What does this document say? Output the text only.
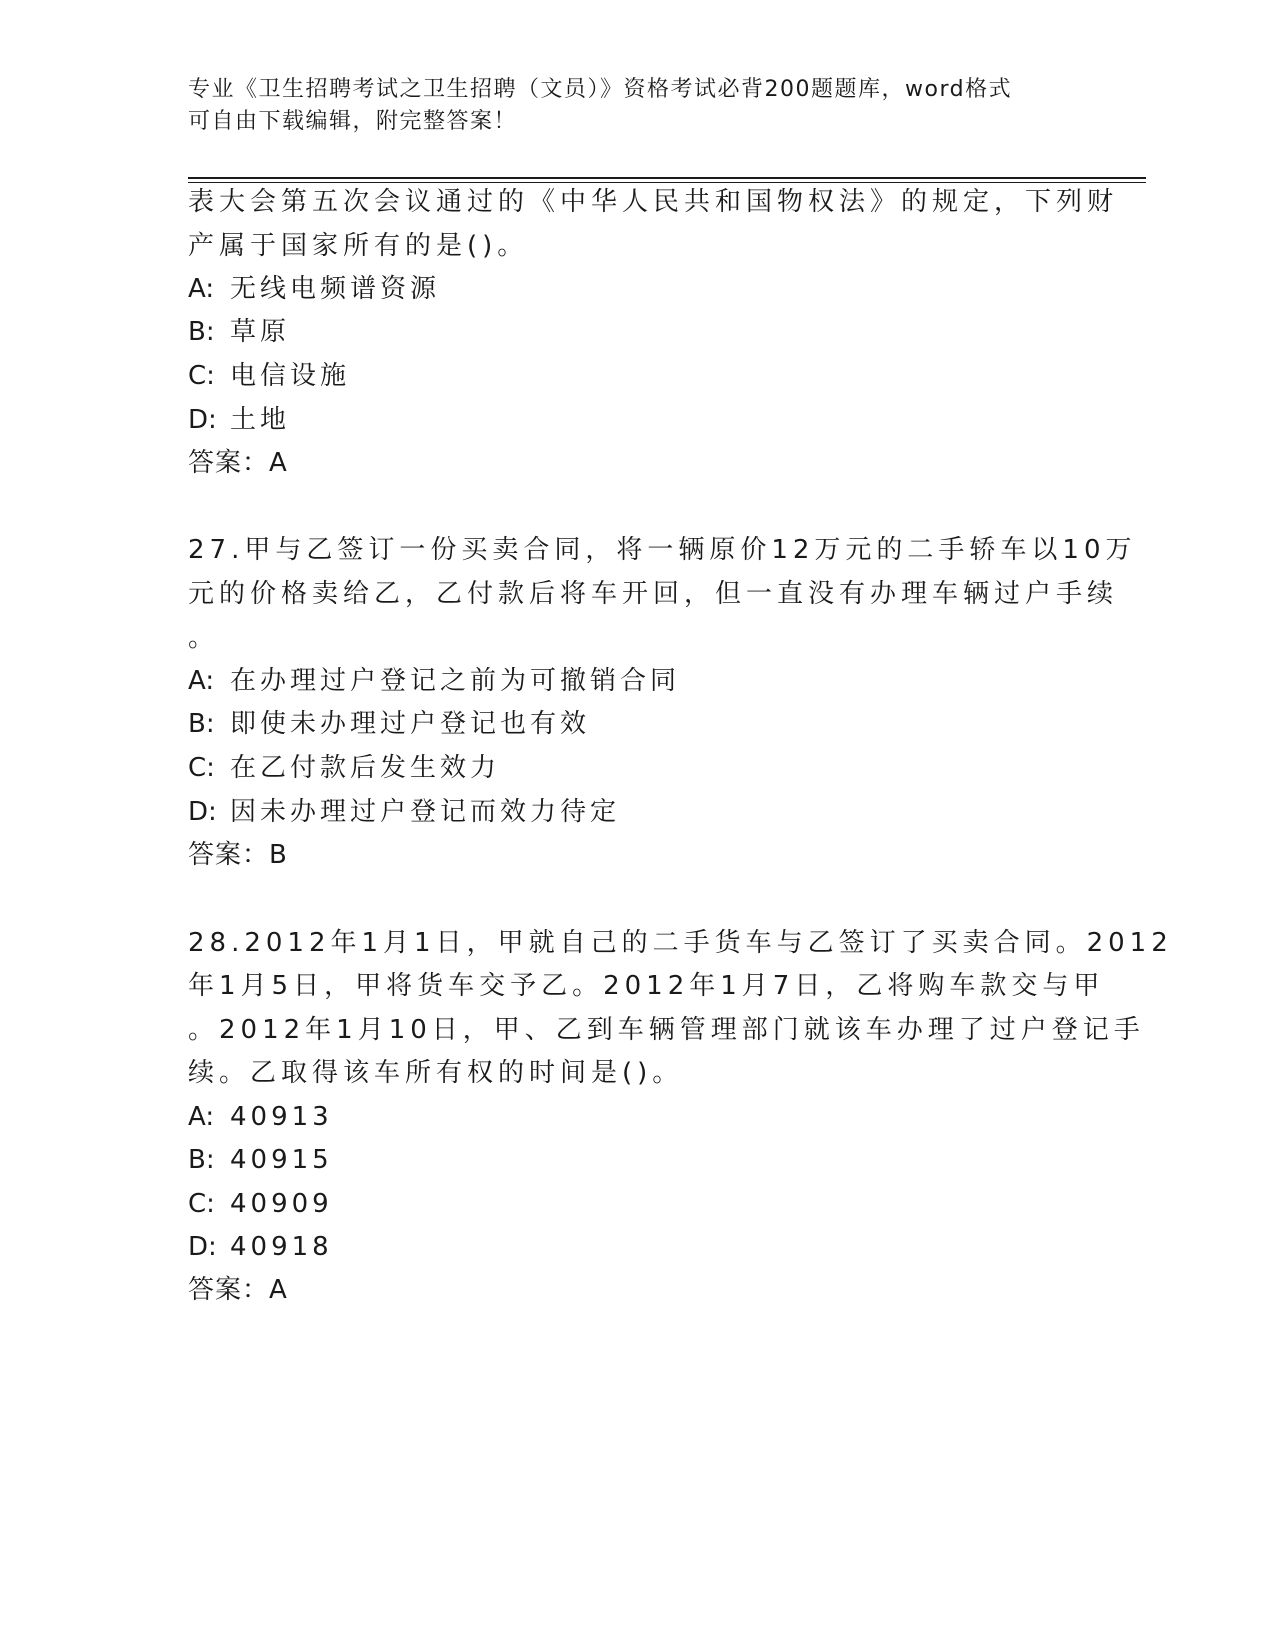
专业《卫生招聘考试之卫生招聘（文员）》资格考试必背200题题库，word格式
可自由下载编辑，附完整答案！
表大会第五次会议通过的《中华人民共和国物权法》的规定，下列财
产属于国家所有的是()。
A: 无线电频谱资源
B: 草原
C: 电信设施
D: 土地
答案：A
27.甲与乙签订一份买卖合同，将一辆原价12万元的二手轿车以10万
元的价格卖给乙，乙付款后将车开回，但一直没有办理车辆过户手续
。
A: 在办理过户登记之前为可撤销合同
B: 即使未办理过户登记也有效
C: 在乙付款后发生效力
D: 因未办理过户登记而效力待定
答案：B
28.2012年1月1日，甲就自己的二手货车与乙签订了买卖合同。2012
年1月5日，甲将货车交予乙。2012年1月7日，乙将购车款交与甲
。2012年1月10日，甲、乙到车辆管理部门就该车办理了过户登记手
续。乙取得该车所有权的时间是()。
A: 40913
B: 40915
C: 40909
D: 40918
答案：A
